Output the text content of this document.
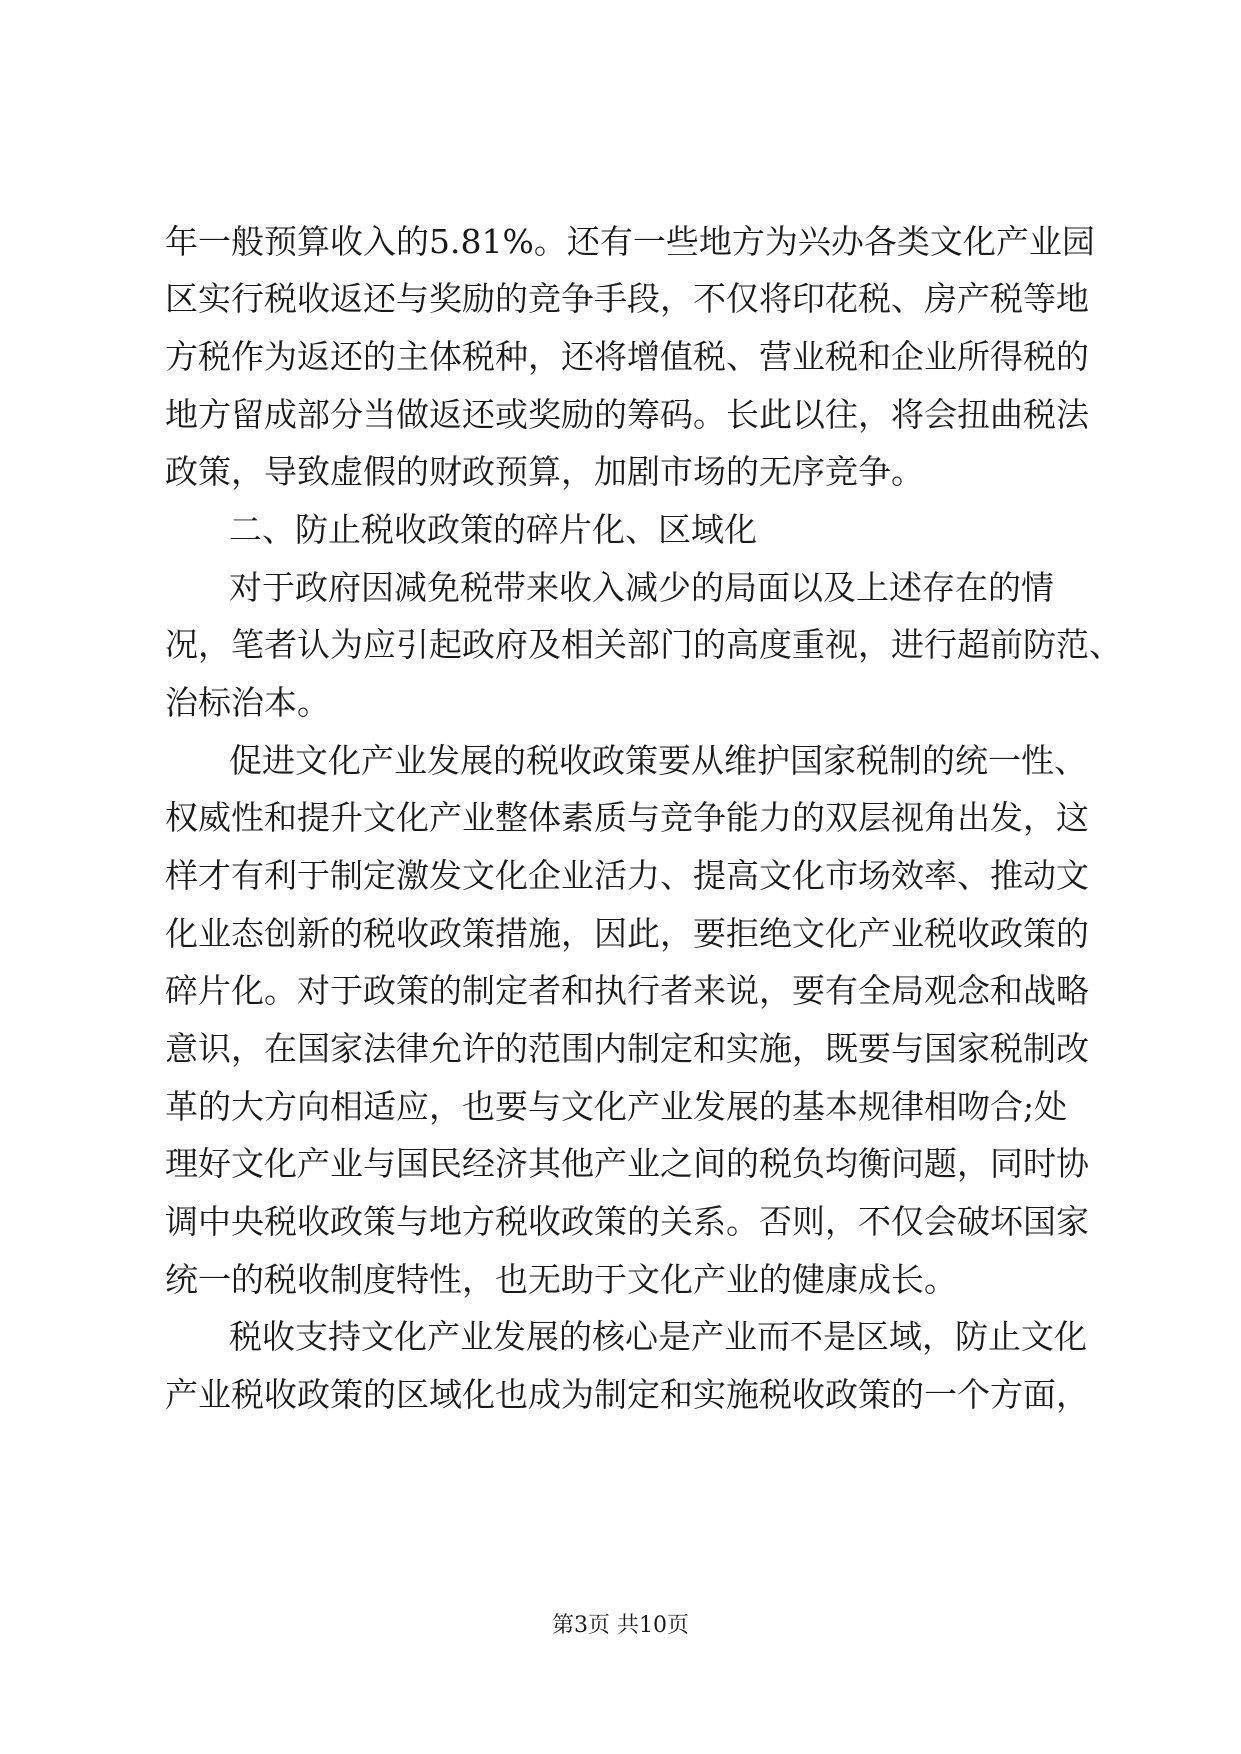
年一般预算收入的5.81%。还有一些地方为兴办各类文化产业园
区实行税收返还与奖励的竞争手段，不仅将印花税、房产税等地
方税作为返还的主体税种，还将增值税、营业税和企业所得税的
地方留成部分当做返还或奖励的筹码。长此以往，将会扭曲税法
政策，导致虚假的财政预算，加剧市场的无序竞争。
二、防止税收政策的碎片化、区域化
对于政府因减免税带来收入减少的局面以及上述存在的情
况，笔者认为应引起政府及相关部门的高度重视，进行超前防范、
治标治本。
促进文化产业发展的税收政策要从维护国家税制的统一性、
权威性和提升文化产业整体素质与竞争能力的双层视角出发，这
样才有利于制定激发文化企业活力、提高文化市场效率、推动文
化业态创新的税收政策措施，因此，要拒绝文化产业税收政策的
碎片化。对于政策的制定者和执行者来说，要有全局观念和战略
意识，在国家法律允许的范围内制定和实施，既要与国家税制改
革的大方向相适应，也要与文化产业发展的基本规律相吻合;处
理好文化产业与国民经济其他产业之间的税负均衡问题，同时协
调中央税收政策与地方税收政策的关系。否则，不仅会破坏国家
统一的税收制度特性，也无助于文化产业的健康成长。
税收支持文化产业发展的核心是产业而不是区域，防止文化
产业税收政策的区域化也成为制定和实施税收政策的一个方面，
第3页 共10页
